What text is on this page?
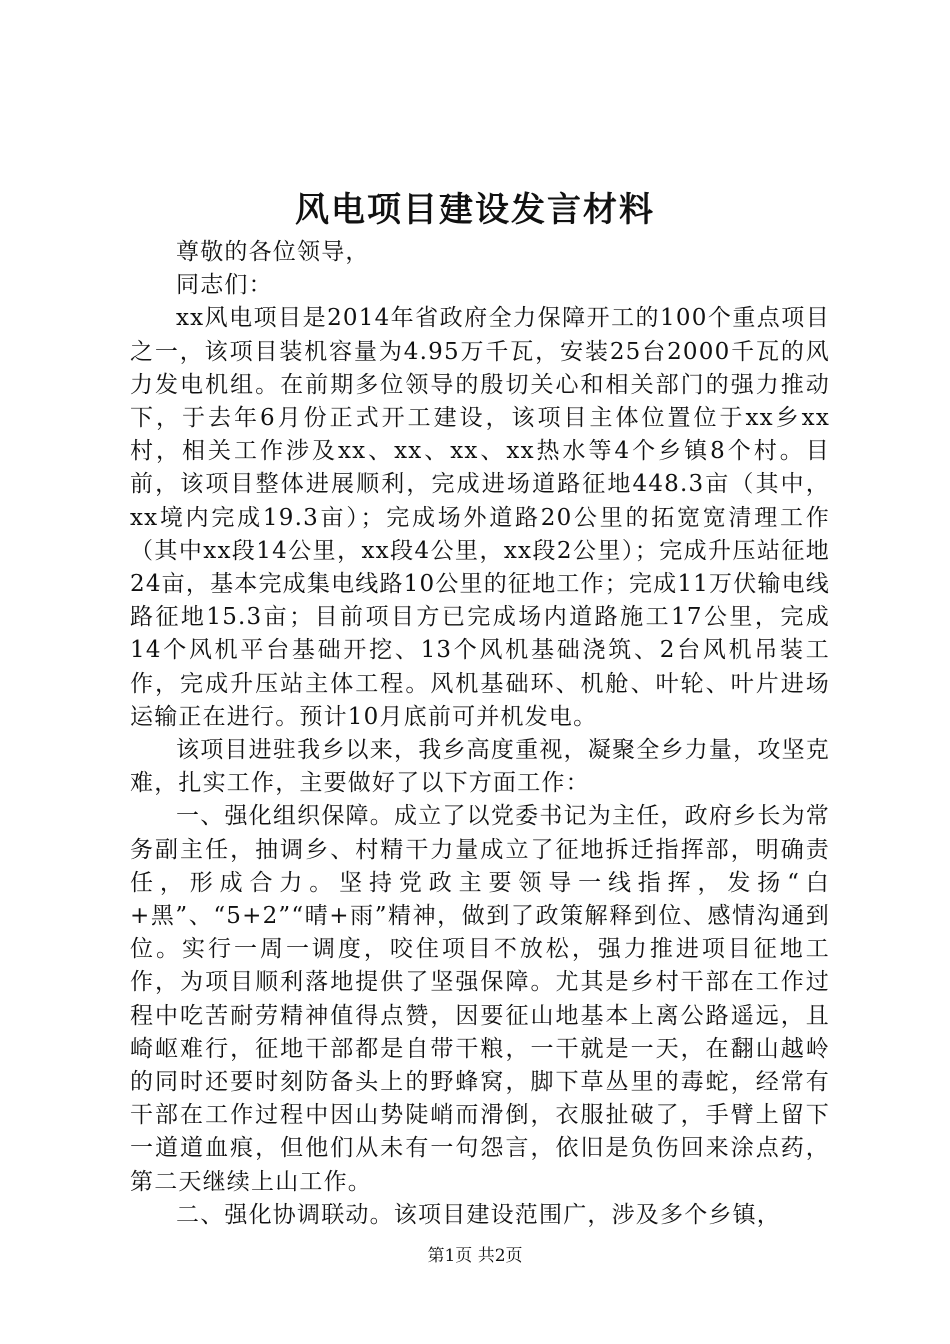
风电项目建设发言材料

尊敬的各位领导，

同志们：

xx风电项目是2014年省政府全力保障开工的100个重点项目之一，该项目装机容量为4.95万千瓦，安装25台2000千瓦的风力发电机组。在前期多位领导的殷切关心和相关部门的强力推动下，于去年6月份正式开工建设，该项目主体位置位于xx乡xx村，相关工作涉及xx、xx、xx、xx热水等4个乡镇8个村。目前，该项目整体进展顺利，完成进场道路征地448.3亩（其中，xx境内完成19.3亩）；完成场外道路20公里的拓宽宽清理工作（其中xx段14公里，xx段4公里，xx段2公里）；完成升压站征地24亩，基本完成集电线路10公里的征地工作；完成11万伏输电线路征地15.3亩；目前项目方已完成场内道路施工17公里，完成14个风机平台基础开挖、13个风机基础浇筑、2台风机吊装工作，完成升压站主体工程。风机基础环、机舱、叶轮、叶片进场运输正在进行。预计10月底前可并机发电。

该项目进驻我乡以来，我乡高度重视，凝聚全乡力量，攻坚克难，扎实工作，主要做好了以下方面工作：

一、强化组织保障。成立了以党委书记为主任，政府乡长为常务副主任，抽调乡、村精干力量成立了征地拆迁指挥部，明确责任，形成合力。坚持党政主要领导一线指挥，发扬“白+黑”、“5+2”“晴+雨”精神，做到了政策解释到位、感情沟通到位。实行一周一调度，咬住项目不放松，强力推进项目征地工作，为项目顺利落地提供了坚强保障。尤其是乡村干部在工作过程中吃苦耐劳精神值得点赞，因要征山地基本上离公路遥远，且崎岖难行，征地干部都是自带干粮，一干就是一天，在翻山越岭的同时还要时刻防备头上的野蜂窝，脚下草丛里的毒蛇，经常有干部在工作过程中因山势陡峭而滑倒，衣服扯破了，手臂上留下一道道血痕，但他们从未有一句怨言，依旧是负伤回来涂点药，第二天继续上山工作。

二、强化协调联动。该项目建设范围广，涉及多个乡镇，

第1页 共2页
